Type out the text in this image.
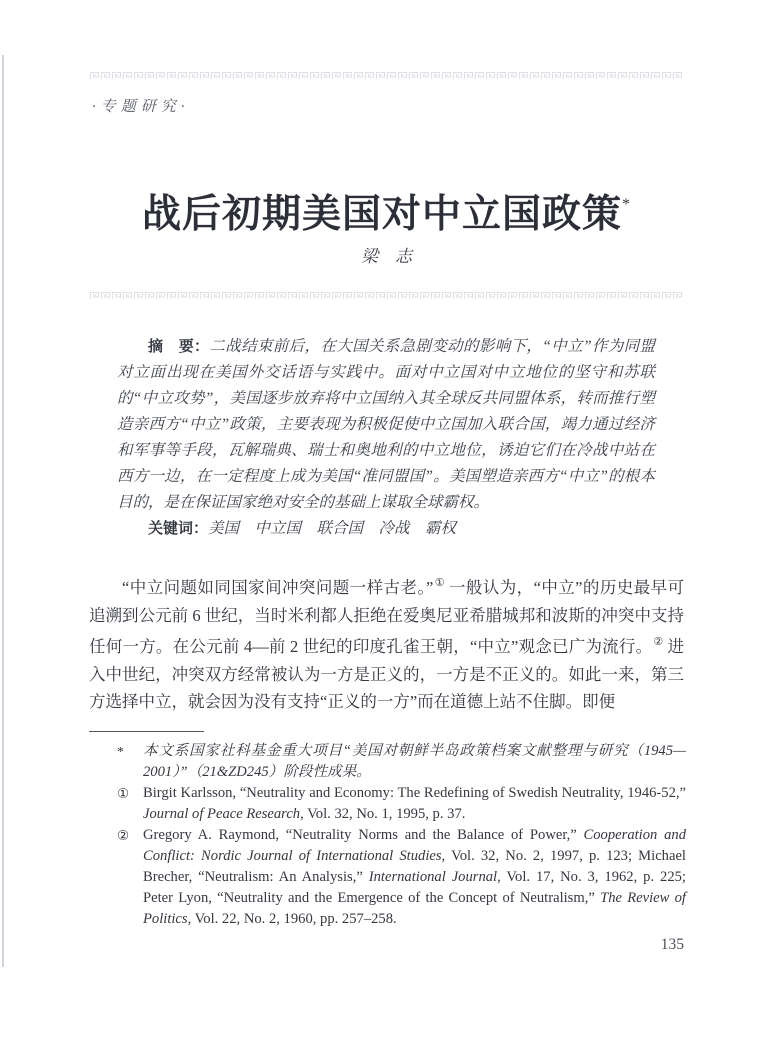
·专题研究·
战后初期美国对中立国政策*
梁　志

摘　要：二战结束前后，在大国关系急剧变动的影响下，“中立”作为同盟对立面出现在美国外交话语与实践中。面对中立国对中立地位的坚守和苏联的“中立攻势”，美国逐步放弃将中立国纳入其全球反共同盟体系，转而推行塑造亲西方“中立”政策，主要表现为积极促使中立国加入联合国，竭力通过经济和军事等手段，瓦解瑞典、瑞士和奥地利的中立地位，诱迫它们在冷战中站在西方一边，在一定程度上成为美国“准同盟国”。美国塑造亲西方“中立”的根本目的，是在保证国家绝对安全的基础上谋取全球霸权。

关键词：美国　中立国　联合国　冷战　霸权

“中立问题如同国家间冲突问题一样古老。”① 一般认为，“中立”的历史最早可追溯到公元前 6 世纪，当时米利都人拒绝在爱奥尼亚希腊城邦和波斯的冲突中支持任何一方。在公元前 4—前 2 世纪的印度孔雀王朝，“中立”观念已广为流行。② 进入中世纪，冲突双方经常被认为一方是正义的，一方是不正义的。如此一来，第三方选择中立，就会因为没有支持“正义的一方”而在道德上站不住脚。即便
*	本文系国家社科基金重大项目“美国对朝鲜半岛政策档案文献整理与研究（1945—2001）”（21&ZD245）阶段性成果。
① Birgit Karlsson, “Neutrality and Economy: The Redefining of Swedish Neutrality, 1946-52,” Journal of Peace Research, Vol. 32, No. 1, 1995, p. 37.
② Gregory A. Raymond, “Neutrality Norms and the Balance of Power,” Cooperation and Conflict: Nordic Journal of International Studies, Vol. 32, No. 2, 1997, p. 123; Michael Brecher, “Neutralism: An Analysis,” International Journal, Vol. 17, No. 3, 1962, p. 225; Peter Lyon, “Neutrality and the Emergence of the Concept of Neutralism,” The Review of Politics, Vol. 22, No. 2, 1960, pp. 257–258.
135
